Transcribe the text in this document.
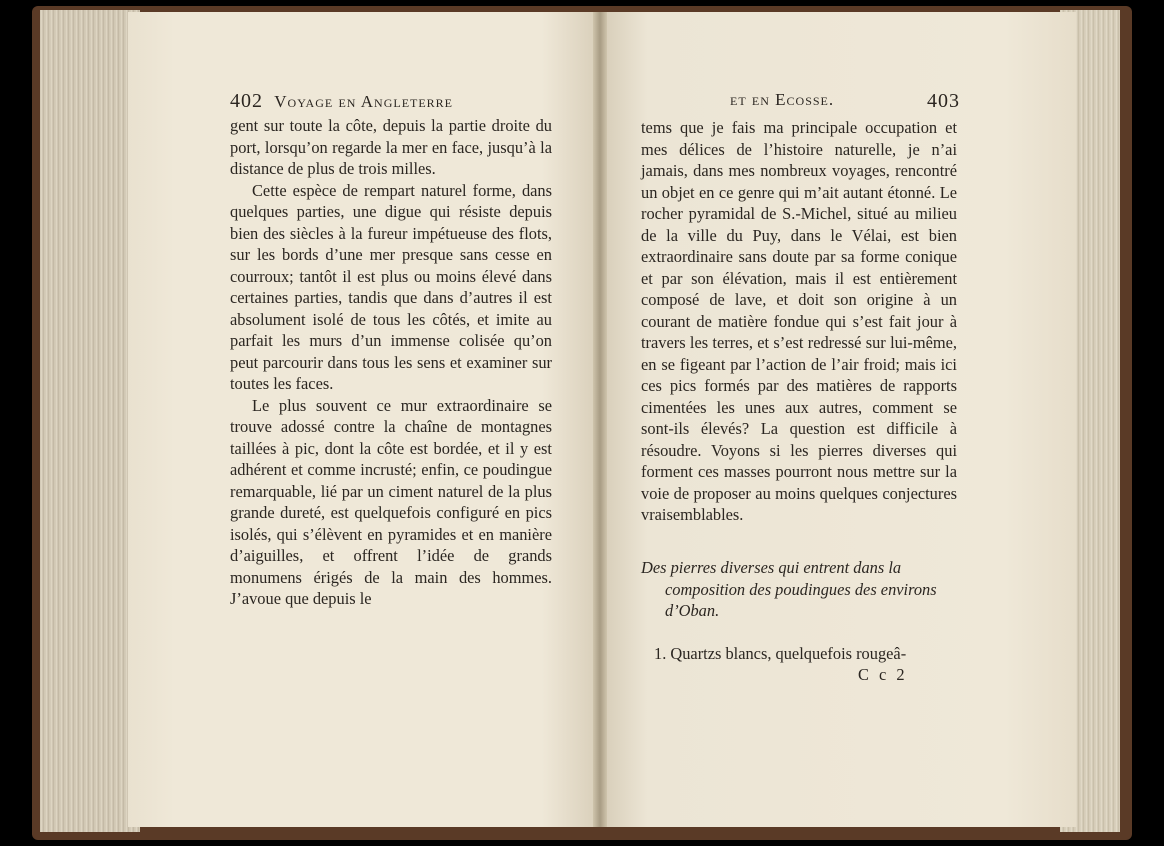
402 Voyage en Angleterre

gent sur toute la côte, depuis la partie droite du port, lorsqu’on regarde la mer en face, jusqu’à la distance de plus de trois milles.

Cette espèce de rempart naturel forme, dans quelques parties, une digue qui résiste depuis bien des siècles à la fureur impétueuse des flots, sur les bords d’une mer presque sans cesse en courroux; tantôt il est plus ou moins élevé dans certaines parties, tandis que dans d’autres il est absolument isolé de tous les côtés, et imite au parfait les murs d’un immense colisée qu’on peut parcourir dans tous les sens et examiner sur toutes les faces.

Le plus souvent ce mur extraordinaire se trouve adossé contre la chaîne de montagnes taillées à pic, dont la côte est bordée, et il y est adhérent et comme incrusté; enfin, ce poudingue remarquable, lié par un ciment naturel de la plus grande dureté, est quelquefois configuré en pics isolés, qui s’élèvent en pyramides et en manière d’aiguilles, et offrent l’idée de grands monumens érigés de la main des hommes. J’avoue que depuis le

et en Ecosse.	403

tems que je fais ma principale occupation et mes délices de l’histoire naturelle, je n’ai jamais, dans mes nombreux voyages, rencontré un objet en ce genre qui m’ait autant étonné. Le rocher pyramidal de S.-Michel, situé au milieu de la ville du Puy, dans le Vélai, est bien extraordinaire sans doute par sa forme conique et par son élévation, mais il est entièrement composé de lave, et doit son origine à un courant de matière fondue qui s’est fait jour à travers les terres, et s’est redressé sur lui-même, en se figeant par l’action de l’air froid; mais ici ces pics formés par des matières de rapports cimentées les unes aux autres, comment se sont-ils élevés? La question est difficile à résoudre. Voyons si les pierres diverses qui forment ces masses pourront nous mettre sur la voie de proposer au moins quelques conjectures vraisemblables.

Des pierres diverses qui entrent dans la
composition des poudingues des environs d’Oban.
1. Quartzs blancs, quelquefois rougeâ-
C c 2
